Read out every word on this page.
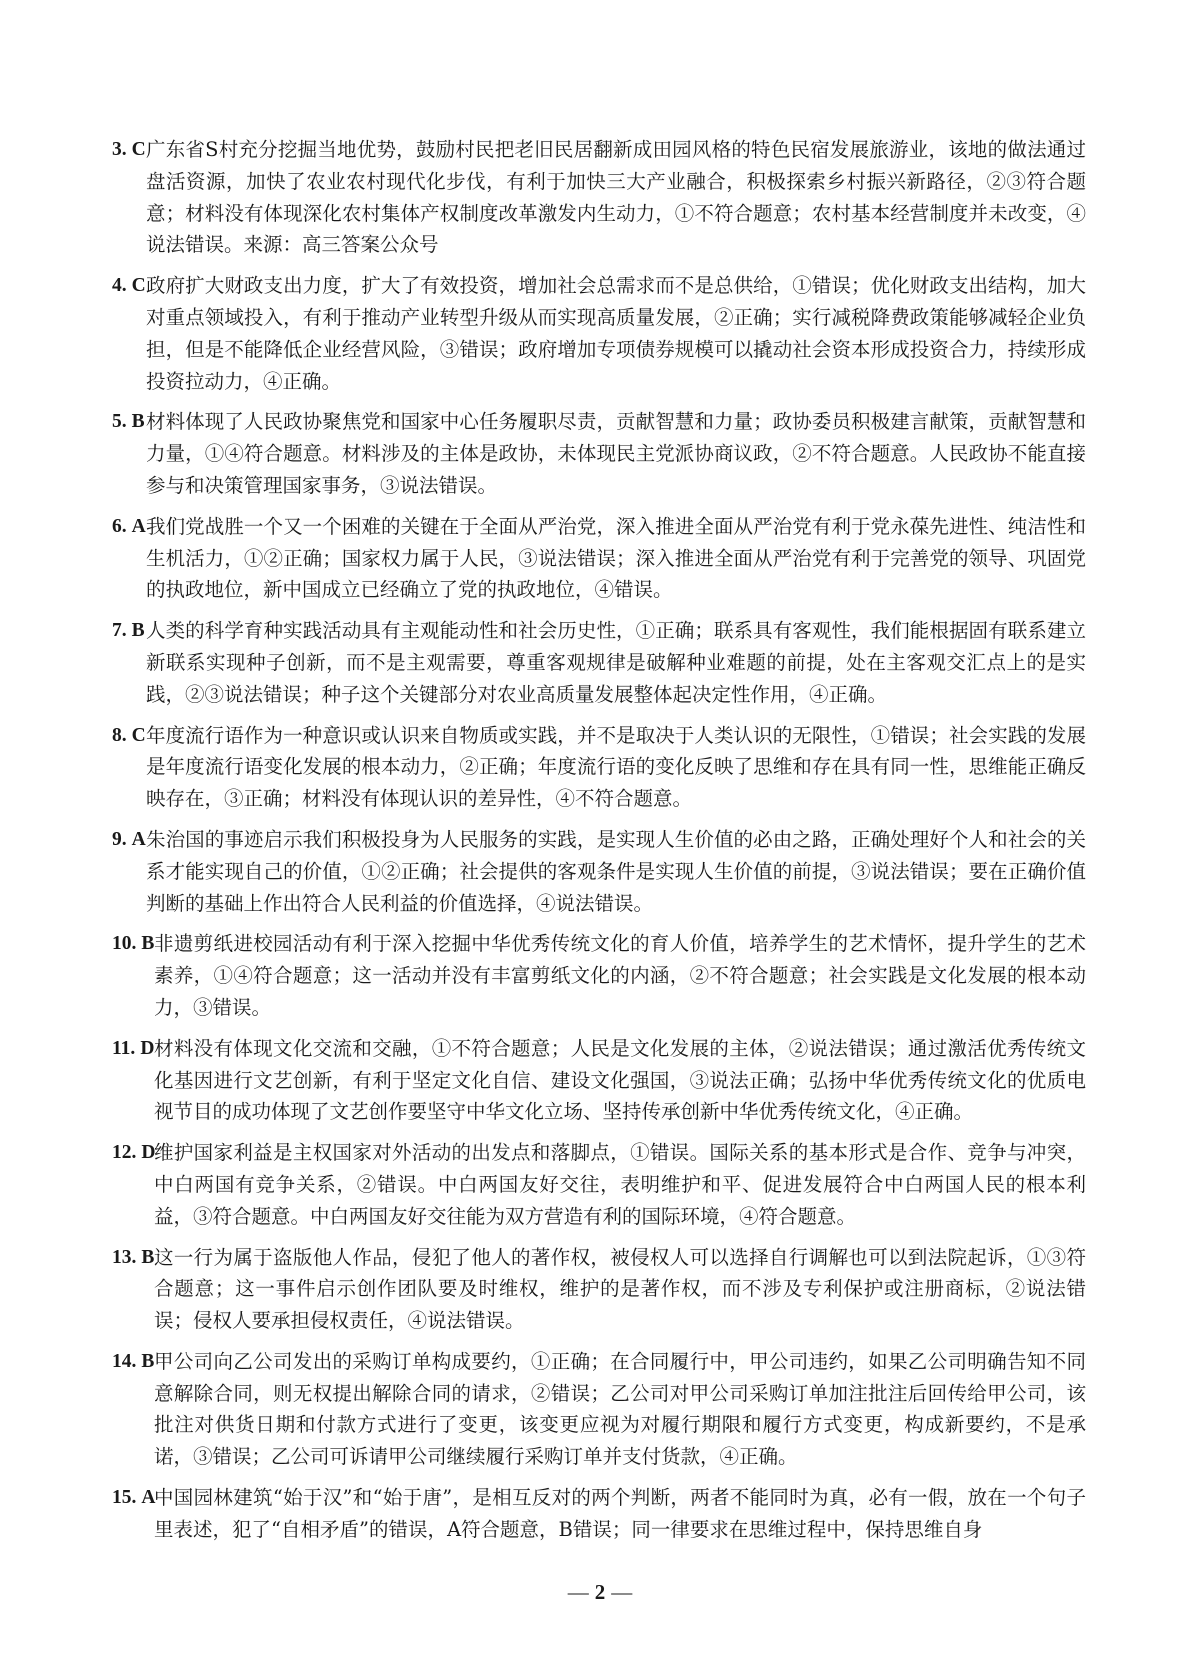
3. C 广东省S村充分挖掘当地优势，鼓励村民把老旧民居翻新成田园风格的特色民宿发展旅游业，该地的做法通过盘活资源，加快了农业农村现代化步伐，有利于加快三大产业融合，积极探索乡村振兴新路径，②③符合题意；材料没有体现深化农村集体产权制度改革激发内生动力，①不符合题意；农村基本经营制度并未改变，④说法错误。来源：高三答案公众号
4. C 政府扩大财政支出力度，扩大了有效投资，增加社会总需求而不是总供给，①错误；优化财政支出结构，加大对重点领域投入，有利于推动产业转型升级从而实现高质量发展，②正确；实行减税降费政策能够减轻企业负担，但是不能降低企业经营风险，③错误；政府增加专项债券规模可以撬动社会资本形成投资合力，持续形成投资拉动力，④正确。
5. B 材料体现了人民政协聚焦党和国家中心任务履职尽责，贡献智慧和力量；政协委员积极建言献策，贡献智慧和力量，①④符合题意。材料涉及的主体是政协，未体现民主党派协商议政，②不符合题意。人民政协不能直接参与和决策管理国家事务，③说法错误。
6. A 我们党战胜一个又一个困难的关键在于全面从严治党，深入推进全面从严治党有利于党永葆先进性、纯洁性和生机活力，①②正确；国家权力属于人民，③说法错误；深入推进全面从严治党有利于完善党的领导、巩固党的执政地位，新中国成立已经确立了党的执政地位，④错误。
7. B 人类的科学育种实践活动具有主观能动性和社会历史性，①正确；联系具有客观性，我们能根据固有联系建立新联系实现种子创新，而不是主观需要，尊重客观规律是破解种业难题的前提，处在主客观交汇点上的是实践，②③说法错误；种子这个关键部分对农业高质量发展整体起决定性作用，④正确。
8. C 年度流行语作为一种意识或认识来自物质或实践，并不是取决于人类认识的无限性，①错误；社会实践的发展是年度流行语变化发展的根本动力，②正确；年度流行语的变化反映了思维和存在具有同一性，思维能正确反映存在，③正确；材料没有体现认识的差异性，④不符合题意。
9. A 朱治国的事迹启示我们积极投身为人民服务的实践，是实现人生价值的必由之路，正确处理好个人和社会的关系才能实现自己的价值，①②正确；社会提供的客观条件是实现人生价值的前提，③说法错误；要在正确价值判断的基础上作出符合人民利益的价值选择，④说法错误。
10. B 非遗剪纸进校园活动有利于深入挖掘中华优秀传统文化的育人价值，培养学生的艺术情怀，提升学生的艺术素养，①④符合题意；这一活动并没有丰富剪纸文化的内涵，②不符合题意；社会实践是文化发展的根本动力，③错误。
11. D 材料没有体现文化交流和交融，①不符合题意；人民是文化发展的主体，②说法错误；通过激活优秀传统文化基因进行文艺创新，有利于坚定文化自信、建设文化强国，③说法正确；弘扬中华优秀传统文化的优质电视节目的成功体现了文艺创作要坚守中华文化立场、坚持传承创新中华优秀传统文化，④正确。
12. D
维护国家利益是主权国家对外活动的出发点和落脚点，①错误。国际关系的基本形式是合作、竞争与冲突，中白两国有竞争关系，②错误。中白两国友好交往，表明维护和平、促进发展符合中白两国人民的根本利益，③符合题意。中白两国友好交往能为双方营造有利的国际环境，④符合题意。
13. B 这一行为属于盗版他人作品，侵犯了他人的著作权，被侵权人可以选择自行调解也可以到法院起诉，①③符合题意；这一事件启示创作团队要及时维权，维护的是著作权，而不涉及专利保护或注册商标，②说法错误；侵权人要承担侵权责任，④说法错误。
14. B 甲公司向乙公司发出的采购订单构成要约，①正确；在合同履行中，甲公司违约，如果乙公司明确告知不同意解除合同，则无权提出解除合同的请求，②错误；乙公司对甲公司采购订单加注批注后回传给甲公司，该批注对供货日期和付款方式进行了变更，该变更应视为对履行期限和履行方式变更，构成新要约，不是承诺，③错误；乙公司可诉请甲公司继续履行采购订单并支付货款，④正确。
15. A
中国园林建筑“始于汉”和“始于唐”，是相互反对的两个判断，两者不能同时为真，必有一假，放在一个句子里表述，犯了“自相矛盾”的错误，A符合题意，B错误；同一律要求在思维过程中，保持思维自身
— 2 —
